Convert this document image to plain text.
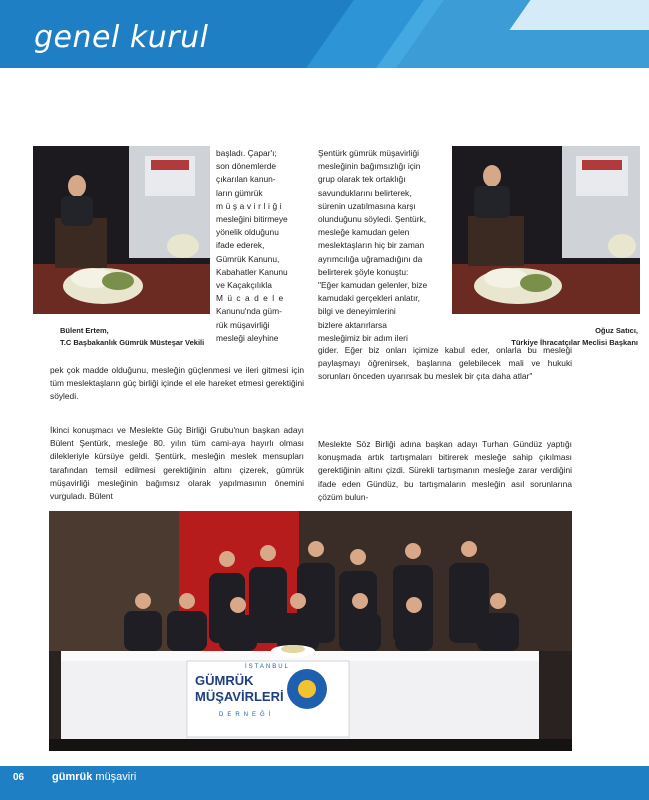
genel kurul
Bülent Ertem,
T.C Başbakanlık Gümrük Müsteşar Vekili
Oğuz Satıcı,
Türkiye İhracatçılar Meclisi Başkanı

başladı. Çapar'ı;

son dönemlerde

çıkarılan kanun-

ların gümrük

müşavirliği

mesleğini bitirmeye

yönelik olduğunu

ifade ederek,

Gümrük Kanunu,

Kabahatler Kanunu

ve Kaçakçılıkla

Mücadele

Kanunu'nda güm-

rük müşavirliği

mesleği aleyhine

pek çok madde olduğunu, mesleğin güçlenmesi ve ileri gitmesi için tüm meslektaşların güç birliği içinde el ele hareket etmesi gerektiğini söyledi.

İkinci konuşmacı ve Meslekte Güç Birliği Grubu'nun başkan adayı Bülent Şentürk, mesleğe 80. yılın tüm cami-aya hayırlı olması dilekleriyle kürsüye geldi. Şentürk, mesleğin meslek mensupları tarafından temsil edilmesi gerektiğinin altını çizerek, gümrük müşavirliği mesleğinin bağımsız olarak yapılmasının önemini vurguladı. Bülent

Şentürk gümrük müşavirliği

mesleğinin bağımsızlığı için

grup olarak tek ortaklığı

savunduklarını belirterek,

sürenin uzatılmasına karşı

olunduğunu söyledi. Şentürk,

mesleğe kamudan gelen

meslektaşların hiç bir zaman

ayrımcılığa uğramadığını da

belirterek şöyle konuştu:

"Eğer kamudan gelenler, bize

kamudaki gerçekleri anlatır,

bilgi ve deneyimlerini

bizlere aktarırlarsa

mesleğimiz bir adım ileri

gider. Eğer biz onları içimize kabul eder, onlarla bu mesleği paylaşmayı öğrenirsek, başlarına gelebilecek mali ve hukuki sorunları önceden uyarırsak bu meslek bir çıta daha atlar"

Meslekte Söz Birliği adına başkan adayı Turhan Gündüz yaptığı konuşmada artık tartışmaları bitirerek mesleğe sahip çıkılması gerektiğinin altını çizdi. Sürekli tartışmanın mesleğe zarar verdiğini ifade eden Gündüz, bu tartışmaların mesleğin asıl sorunlarına çözüm bulun-

İSTANBUL
GÜMRÜK
MÜŞAVİRLERİ
DERNEĞİ
06	gümrük müşaviri
